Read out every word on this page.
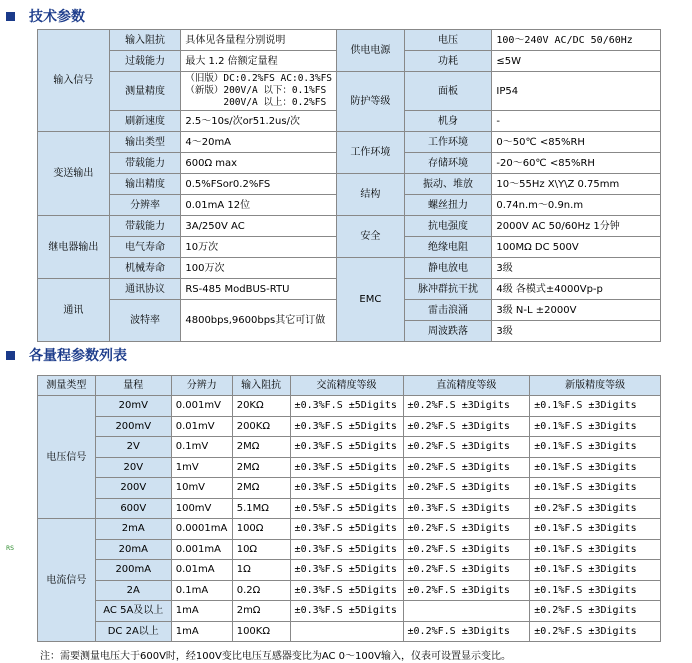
技术参数
输入信号	输入阻抗	具体见各量程分别说明	供电电源	电压	100～240V AC/DC 50/60Hz
	过载能力	最大 1.2 倍额定量程		功耗	≤5W
	测量精度	（旧版）DC:0.2%FS AC:0.3%FS
（新版）200V/A 以下：0.1%FS
200V/A 以上：0.2%FS	防护等级	面板	IP54
	刷新速度	2.5～10s/次or51.2us/次		机身	-
变送输出	输出类型	4～20mA	工作环境	工作环境	0～50℃ <85%RH
	带载能力	600Ω max		存储环境	-20～60℃ <85%RH
	输出精度	0.5%FSor0.2%FS	结构	振动、堆放	10～55Hz X\Y\Z 0.75mm
	分辨率	0.01mA 12位		螺丝扭力	0.74n.m～0.9n.m
继电器输出	带载能力	3A/250V AC	安全	抗电强度	2000V AC 50/60Hz 1分钟
	电气寿命	10万次		绝缘电阻	100MΩ DC 500V
	机械寿命	100万次	EMC	静电放电	3级
通讯	通讯协议	RS-485 ModBUS-RTU		脉冲群抗干扰	4级 各模式±4000Vp-p
	波特率	4800bps,9600bps其它可订做		雷击浪涌	3级 N-L ±2000V
				周波跌落	3级
各量程参数列表
测量类型	量程	分辨力	输入阻抗	交流精度等级	直流精度等级	新版精度等级
电压信号	20mV	0.001mV	20KΩ	±0.3%F.S ±5Digits	±0.2%F.S ±3Digits	±0.1%F.S ±3Digits
	200mV	0.01mV	200KΩ	±0.3%F.S ±5Digits	±0.2%F.S ±3Digits	±0.1%F.S ±3Digits
	2V	0.1mV	2MΩ	±0.3%F.S ±5Digits	±0.2%F.S ±3Digits	±0.1%F.S ±3Digits
	20V	1mV	2MΩ	±0.3%F.S ±5Digits	±0.2%F.S ±3Digits	±0.1%F.S ±3Digits
	200V	10mV	2MΩ	±0.3%F.S ±5Digits	±0.2%F.S ±3Digits	±0.1%F.S ±3Digits
	600V	100mV	5.1MΩ	±0.5%F.S ±5Digits	±0.3%F.S ±3Digits	±0.2%F.S ±3Digits
电流信号	2mA	0.0001mA	100Ω	±0.3%F.S ±5Digits	±0.2%F.S ±3Digits	±0.1%F.S ±3Digits
	20mA	0.001mA	10Ω	±0.3%F.S ±5Digits	±0.2%F.S ±3Digits	±0.1%F.S ±3Digits
	200mA	0.01mA	1Ω	±0.3%F.S ±5Digits	±0.2%F.S ±3Digits	±0.1%F.S ±3Digits
	2A	0.1mA	0.2Ω	±0.3%F.S ±5Digits	±0.2%F.S ±3Digits	±0.1%F.S ±3Digits
	AC 5A及以上	1mA	2mΩ	±0.3%F.S ±5Digits		±0.2%F.S ±3Digits
	DC 2A以上	1mA	100KΩ		±0.2%F.S ±3Digits	±0.2%F.S ±3Digits
RS
注：需要测量电压大于600V时，经100V变比电压互感器变比为AC 0～100V输入，仪表可设置显示变比。
